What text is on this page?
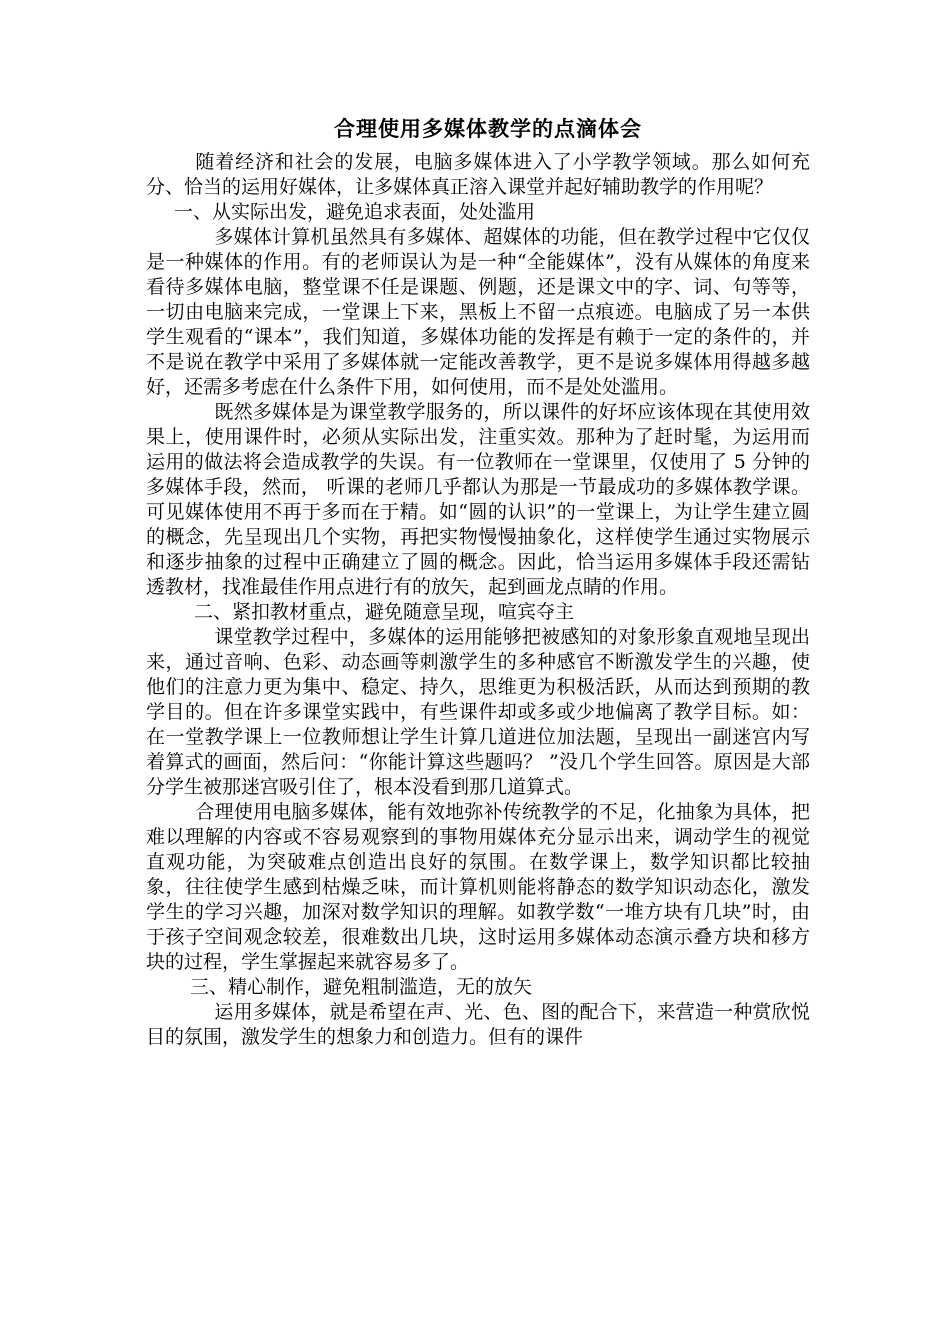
合理使用多媒体教学的点滴体会

随着经济和社会的发展，电脑多媒体进入了小学教学领域。那么如何充分、恰当的运用好媒体，让多媒体真正溶入课堂并起好辅助教学的作用呢？

一、从实际出发，避免追求表面，处处滥用

多媒体计算机虽然具有多媒体、超媒体的功能，但在教学过程中它仅仅是一种媒体的作用。有的老师误认为是一种“全能媒体”，没有从媒体的角度来看待多媒体电脑，整堂课不任是课题、例题，还是课文中的字、词、句等等，一切由电脑来完成，一堂课上下来，黑板上不留一点痕迹。电脑成了另一本供学生观看的“课本”，我们知道，多媒体功能的发挥是有赖于一定的条件的，并不是说在教学中采用了多媒体就一定能改善教学，更不是说多媒体用得越多越好，还需多考虑在什么条件下用，如何使用，而不是处处滥用。

既然多媒体是为课堂教学服务的，所以课件的好坏应该体现在其使用效果上，使用课件时，必须从实际出发，注重实效。那种为了赶时髦，为运用而运用的做法将会造成教学的失误。有一位教师在一堂课里，仅使用了 5 分钟的多媒体手段，然而， 听课的老师几乎都认为那是一节最成功的多媒体教学课。可见媒体使用不再于多而在于精。如“圆的认识”的一堂课上，为让学生建立圆的概念，先呈现出几个实物，再把实物慢慢抽象化，这样使学生通过实物展示和逐步抽象的过程中正确建立了圆的概念。因此，恰当运用多媒体手段还需钻透教材，找准最佳作用点进行有的放矢，起到画龙点睛的作用。

二、紧扣教材重点，避免随意呈现，喧宾夺主

课堂教学过程中，多媒体的运用能够把被感知的对象形象直观地呈现出来，通过音响、色彩、动态画等刺激学生的多种感官不断激发学生的兴趣，使他们的注意力更为集中、稳定、持久，思维更为积极活跃，从而达到预期的教学目的。但在许多课堂实践中，有些课件却或多或少地偏离了教学目标。如：在一堂教学课上一位教师想让学生计算几道进位加法题，呈现出一副迷宫内写着算式的画面，然后问：“你能计算这些题吗？ ”没几个学生回答。原因是大部分学生被那迷宫吸引住了，根本没看到那几道算式。

合理使用电脑多媒体，能有效地弥补传统教学的不足，化抽象为具体，把难以理解的内容或不容易观察到的事物用媒体充分显示出来，调动学生的视觉直观功能，为突破难点创造出良好的氛围。在数学课上，数学知识都比较抽象，往往使学生感到枯燥乏味，而计算机则能将静态的数学知识动态化，激发学生的学习兴趣，加深对数学知识的理解。如教学数“一堆方块有几块”时，由于孩子空间观念较差，很难数出几块，这时运用多媒体动态演示叠方块和移方块的过程，学生掌握起来就容易多了。

三、精心制作，避免粗制滥造，无的放矢

运用多媒体，就是希望在声、光、色、图的配合下，来营造一种赏欣悦目的氛围，激发学生的想象力和创造力。但有的课件
